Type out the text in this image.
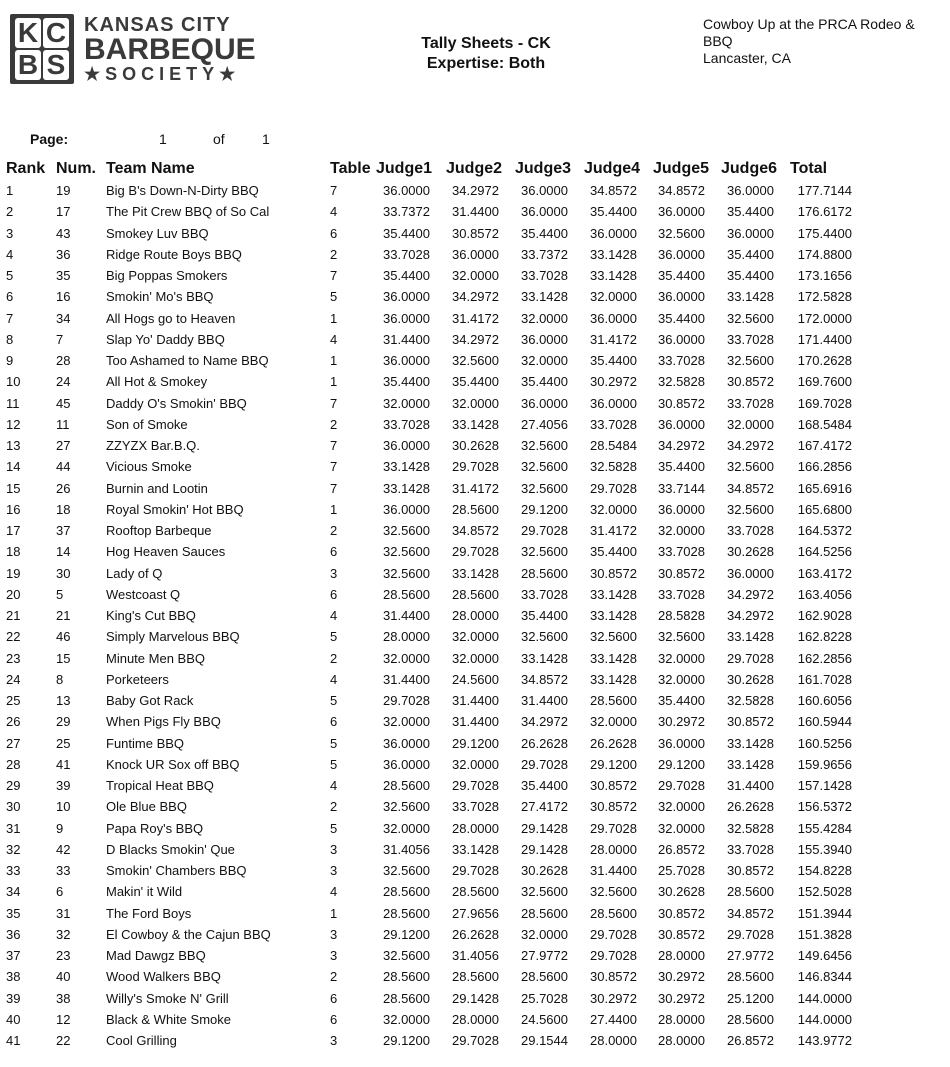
K C
B S
KANSAS CITY
BARBEQUE
★SOCIETY★
Tally Sheets - CK
Expertise: Both
Cowboy Up at the PRCA Rodeo &
BBQ
Lancaster, CA
Page:	1	of	1
Rank	Num.	Team Name	Table	Judge1	Judge2	Judge3	Judge4	Judge5	Judge6	Total
1	19	Big B's Down-N-Dirty BBQ	7	36.0000	34.2972	36.0000	34.8572	34.8572	36.0000	177.7144
2	17	The Pit Crew BBQ of So Cal	4	33.7372	31.4400	36.0000	35.4400	36.0000	35.4400	176.6172
3	43	Smokey Luv BBQ	6	35.4400	30.8572	35.4400	36.0000	32.5600	36.0000	175.4400
4	36	Ridge Route Boys BBQ	2	33.7028	36.0000	33.7372	33.1428	36.0000	35.4400	174.8800
5	35	Big Poppas Smokers	7	35.4400	32.0000	33.7028	33.1428	35.4400	35.4400	173.1656
6	16	Smokin' Mo's BBQ	5	36.0000	34.2972	33.1428	32.0000	36.0000	33.1428	172.5828
7	34	All Hogs go to Heaven	1	36.0000	31.4172	32.0000	36.0000	35.4400	32.5600	172.0000
8	7	Slap Yo' Daddy BBQ	4	31.4400	34.2972	36.0000	31.4172	36.0000	33.7028	171.4400
9	28	Too Ashamed to Name BBQ	1	36.0000	32.5600	32.0000	35.4400	33.7028	32.5600	170.2628
10	24	All Hot & Smokey	1	35.4400	35.4400	35.4400	30.2972	32.5828	30.8572	169.7600
11	45	Daddy O's Smokin' BBQ	7	32.0000	32.0000	36.0000	36.0000	30.8572	33.7028	169.7028
12	11	Son of Smoke	2	33.7028	33.1428	27.4056	33.7028	36.0000	32.0000	168.5484
13	27	ZZYZX Bar.B.Q.	7	36.0000	30.2628	32.5600	28.5484	34.2972	34.2972	167.4172
14	44	Vicious Smoke	7	33.1428	29.7028	32.5600	32.5828	35.4400	32.5600	166.2856
15	26	Burnin and Lootin	7	33.1428	31.4172	32.5600	29.7028	33.7144	34.8572	165.6916
16	18	Royal Smokin' Hot BBQ	1	36.0000	28.5600	29.1200	32.0000	36.0000	32.5600	165.6800
17	37	Rooftop Barbeque	2	32.5600	34.8572	29.7028	31.4172	32.0000	33.7028	164.5372
18	14	Hog Heaven Sauces	6	32.5600	29.7028	32.5600	35.4400	33.7028	30.2628	164.5256
19	30	Lady of Q	3	32.5600	33.1428	28.5600	30.8572	30.8572	36.0000	163.4172
20	5	Westcoast Q	6	28.5600	28.5600	33.7028	33.1428	33.7028	34.2972	163.4056
21	21	King's Cut BBQ	4	31.4400	28.0000	35.4400	33.1428	28.5828	34.2972	162.9028
22	46	Simply Marvelous BBQ	5	28.0000	32.0000	32.5600	32.5600	32.5600	33.1428	162.8228
23	15	Minute Men BBQ	2	32.0000	32.0000	33.1428	33.1428	32.0000	29.7028	162.2856
24	8	Porketeers	4	31.4400	24.5600	34.8572	33.1428	32.0000	30.2628	161.7028
25	13	Baby Got Rack	5	29.7028	31.4400	31.4400	28.5600	35.4400	32.5828	160.6056
26	29	When Pigs Fly BBQ	6	32.0000	31.4400	34.2972	32.0000	30.2972	30.8572	160.5944
27	25	Funtime BBQ	5	36.0000	29.1200	26.2628	26.2628	36.0000	33.1428	160.5256
28	41	Knock UR Sox off BBQ	5	36.0000	32.0000	29.7028	29.1200	29.1200	33.1428	159.9656
29	39	Tropical Heat BBQ	4	28.5600	29.7028	35.4400	30.8572	29.7028	31.4400	157.1428
30	10	Ole Blue BBQ	2	32.5600	33.7028	27.4172	30.8572	32.0000	26.2628	156.5372
31	9	Papa Roy's BBQ	5	32.0000	28.0000	29.1428	29.7028	32.0000	32.5828	155.4284
32	42	D Blacks Smokin' Que	3	31.4056	33.1428	29.1428	28.0000	26.8572	33.7028	155.3940
33	33	Smokin' Chambers BBQ	3	32.5600	29.7028	30.2628	31.4400	25.7028	30.8572	154.8228
34	6	Makin' it Wild	4	28.5600	28.5600	32.5600	32.5600	30.2628	28.5600	152.5028
35	31	The Ford Boys	1	28.5600	27.9656	28.5600	28.5600	30.8572	34.8572	151.3944
36	32	El Cowboy & the Cajun BBQ	3	29.1200	26.2628	32.0000	29.7028	30.8572	29.7028	151.3828
37	23	Mad Dawgz BBQ	3	32.5600	31.4056	27.9772	29.7028	28.0000	27.9772	149.6456
38	40	Wood Walkers BBQ	2	28.5600	28.5600	28.5600	30.8572	30.2972	28.5600	146.8344
39	38	Willy's Smoke N' Grill	6	28.5600	29.1428	25.7028	30.2972	30.2972	25.1200	144.0000
40	12	Black & White Smoke	6	32.0000	28.0000	24.5600	27.4400	28.0000	28.5600	144.0000
41	22	Cool Grilling	3	29.1200	29.7028	29.1544	28.0000	28.0000	26.8572	143.9772
